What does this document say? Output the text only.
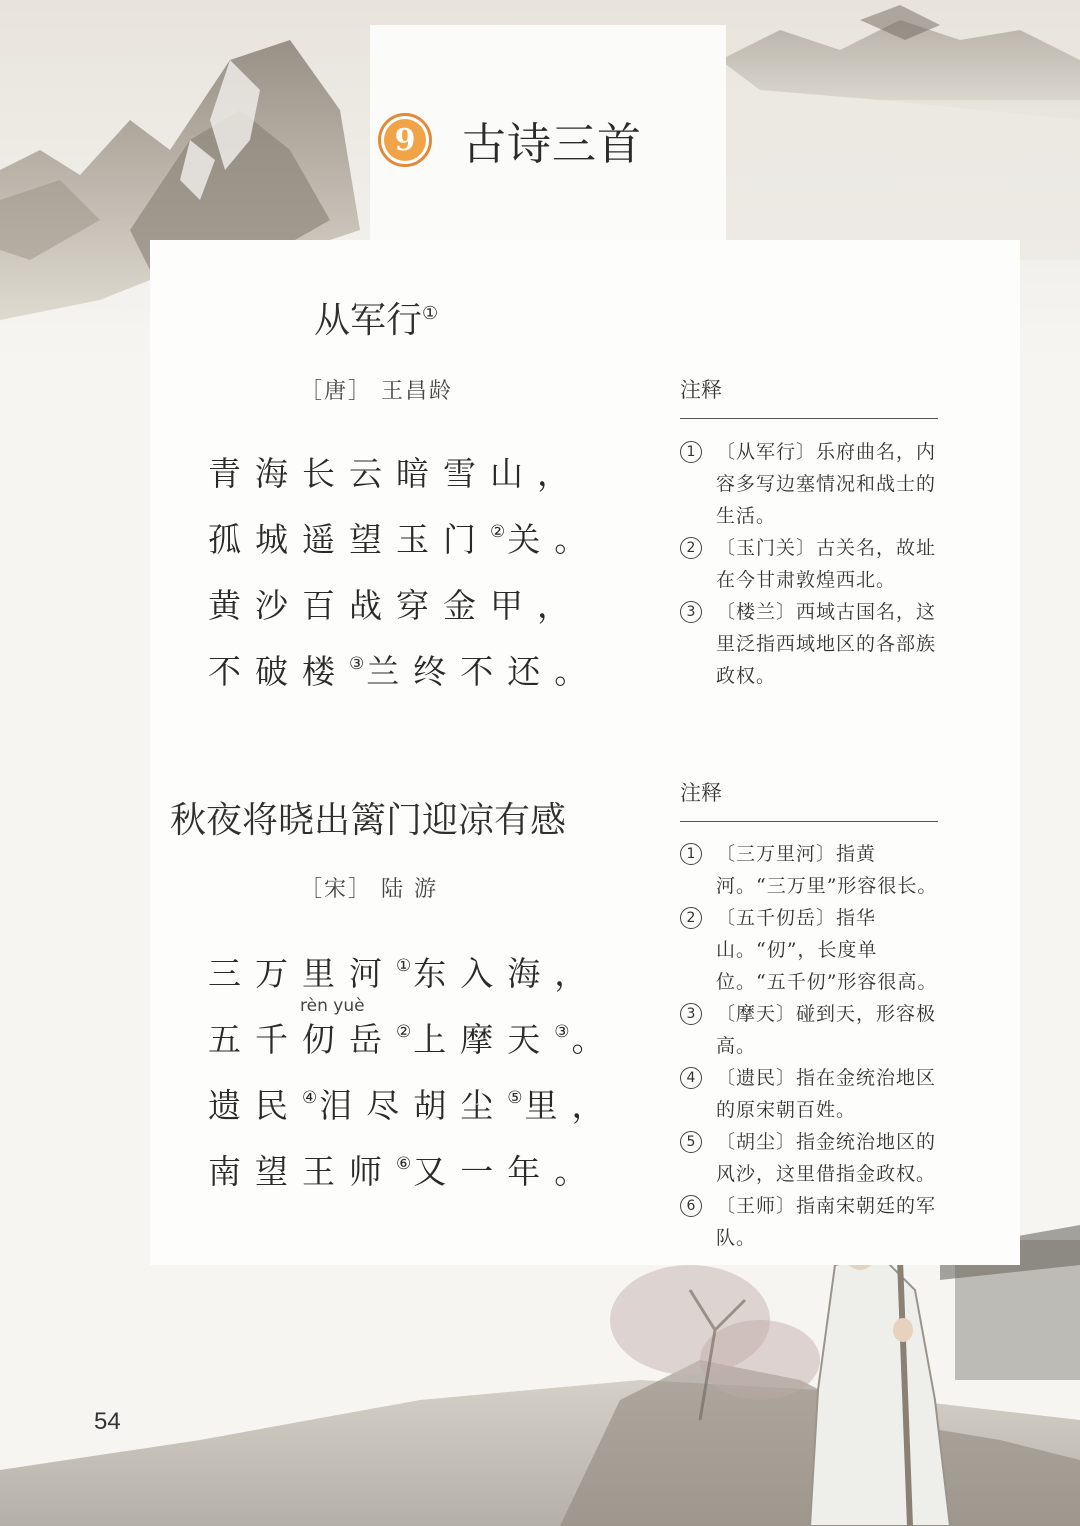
9 古诗三首
从军行①
［唐］ 王昌龄
青海长云暗雪山，
孤城遥望玉门②关。
黄沙百战穿金甲，
不破楼③兰终不还。
注释
1	〔从军行〕乐府曲名，内容多写边塞情况和战士的生活。
2	〔玉门关〕古关名，故址在今甘肃敦煌西北。
3	〔楼兰〕西域古国名，这里泛指西域地区的各部族政权。
秋夜将晓出篱门迎凉有感
［宋］ 陆 游
rèn yuè
三万里河①东入海，
五千仞岳②上摩天③。
遗民④泪尽胡尘⑤里，
南望王师⑥又一年。
注释
1	〔三万里河〕指黄河。“三万里”形容很长。
2	〔五千仞岳〕指华山。“仞”，长度单位。“五千仞”形容很高。
3	〔摩天〕碰到天，形容极高。
4	〔遗民〕指在金统治地区的原宋朝百姓。
5	〔胡尘〕指金统治地区的风沙，这里借指金政权。
6	〔王师〕指南宋朝廷的军队。
54
